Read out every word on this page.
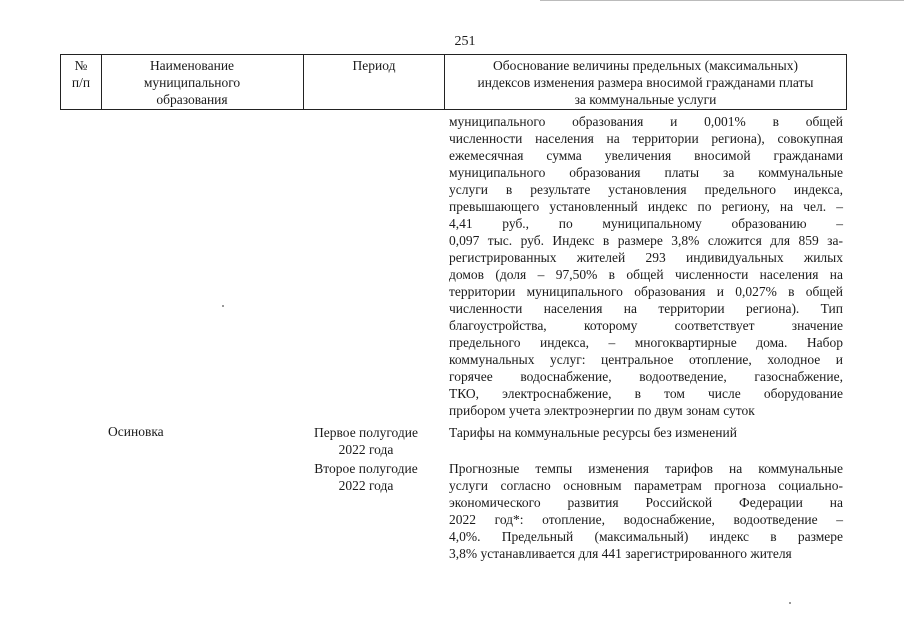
251
№
п/п
Наименование
муниципального
образования
Период	Обоснование величины предельных (максимальных)
индексов изменения размера вносимой гражданами платы
за коммунальные услуги
муниципального образования и 0,001% в общей
численности населения на территории региона), совокупная
ежемесячная сумма увеличения вносимой гражданами
муниципального образования платы за коммунальные
услуги в результате установления предельного индекса,
превышающего установленный индекс по региону, на чел. –
4,41 руб., по муниципальному образованию –
0,097 тыс. руб. Индекс в размере 3,8% сложится для 859 за-
регистрированных жителей 293 индивидуальных жилых
домов (доля – 97,50% в общей численности населения на
территории муниципального образования и 0,027% в общей
численности населения на территории региона). Тип
благоустройства, которому соответствует значение
предельного индекса, – многоквартирные дома. Набор
коммунальных услуг: центральное отопление, холодное и
горячее водоснабжение, водоотведение, газоснабжение,
ТКО, электроснабжение, в том числе оборудование
прибором учета электроэнергии по двум зонам суток
Осиновка	Первое полугодие
2022 года
Тарифы на коммунальные ресурсы без изменений
Второе полугодие
2022 года
Прогнозные темпы изменения тарифов на коммунальные
услуги согласно основным параметрам прогноза социально-
экономического развития Российской Федерации на
2022 год*: отопление, водоснабжение, водоотведение –
4,0%. Предельный (максимальный) индекс в размере
3,8% устанавливается для 441 зарегистрированного жителя
